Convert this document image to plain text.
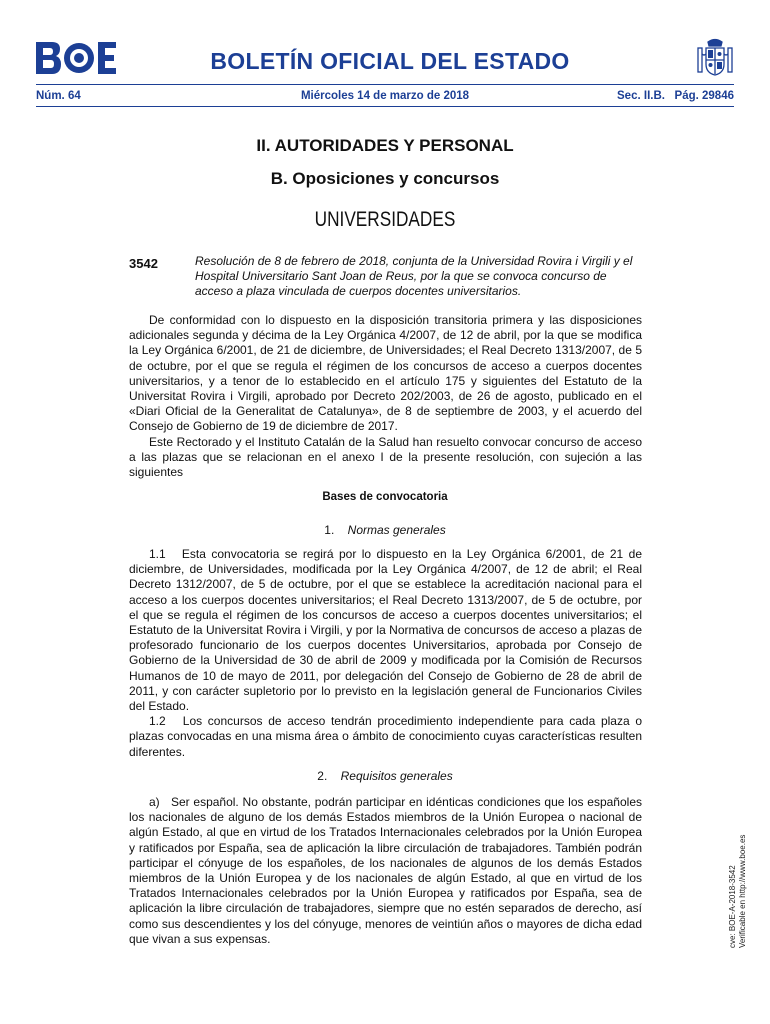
BOLETÍN OFICIAL DEL ESTADO
Núm. 64	Miércoles 14 de marzo de 2018	Sec. II.B.   Pág. 29846
II. AUTORIDADES Y PERSONAL
B. Oposiciones y concursos
UNIVERSIDADES
3542	Resolución de 8 de febrero de 2018, conjunta de la Universidad Rovira i Virgili y el Hospital Universitario Sant Joan de Reus, por la que se convoca concurso de acceso a plaza vinculada de cuerpos docentes universitarios.

De conformidad con lo dispuesto en la disposición transitoria primera y las disposiciones adicionales segunda y décima de la Ley Orgánica 4/2007, de 12 de abril, por la que se modifica la Ley Orgánica 6/2001, de 21 de diciembre, de Universidades; el Real Decreto 1313/2007, de 5 de octubre, por el que se regula el régimen de los concursos de acceso a cuerpos docentes universitarios, y a tenor de lo establecido en el artículo 175 y siguientes del Estatuto de la Universitat Rovira i Virgili, aprobado por Decreto 202/2003, de 26 de agosto, publicado en el «Diari Oficial de la Generalitat de Catalunya», de 8 de septiembre de 2003, y el acuerdo del Consejo de Gobierno de 19 de diciembre de 2017.

Este Rectorado y el Instituto Catalán de la Salud han resuelto convocar concurso de acceso a las plazas que se relacionan en el anexo I de la presente resolución, con sujeción a las siguientes

Bases de convocatoria
1. Normas generales

1.1   Esta convocatoria se regirá por lo dispuesto en la Ley Orgánica 6/2001, de 21 de diciembre, de Universidades, modificada por la Ley Orgánica 4/2007, de 12 de abril; el Real Decreto 1312/2007, de 5 de octubre, por el que se establece la acreditación nacional para el acceso a los cuerpos docentes universitarios; el Real Decreto 1313/2007, de 5 de octubre, por el que se regula el régimen de los concursos de acceso a cuerpos docentes universitarios; el Estatuto de la Universitat Rovira i Virgili, y por la Normativa de concursos de acceso a plazas de profesorado funcionario de los cuerpos docentes Universitarios, aprobada por Consejo de Gobierno de la Universidad de 30 de abril de 2009 y modificada por la Comisión de Recursos Humanos de 10 de mayo de 2011, por delegación del Consejo de Gobierno de 28 de abril de 2011, y con carácter supletorio por lo previsto en la legislación general de Funcionarios Civiles del Estado.

1.2   Los concursos de acceso tendrán procedimiento independiente para cada plaza o plazas convocadas en una misma área o ámbito de conocimiento cuyas características resulten diferentes.

2. Requisitos generales

a)   Ser español. No obstante, podrán participar en idénticas condiciones que los españoles los nacionales de alguno de los demás Estados miembros de la Unión Europea o nacional de algún Estado, al que en virtud de los Tratados Internacionales celebrados por la Unión Europea y ratificados por España, sea de aplicación la libre circulación de trabajadores. También podrán participar el cónyuge de los españoles, de los nacionales de algunos de los demás Estados miembros de la Unión Europea y de los nacionales de algún Estado, al que en virtud de los Tratados Internacionales celebrados por la Unión Europea y ratificados por España, sea de aplicación la libre circulación de trabajadores, siempre que no estén separados de derecho, así como sus descendientes y los del cónyuge, menores de veintiún años o mayores de dicha edad que vivan a sus expensas.	cve: BOE-A-2018-3542 Verificable en http://www.boe.es
